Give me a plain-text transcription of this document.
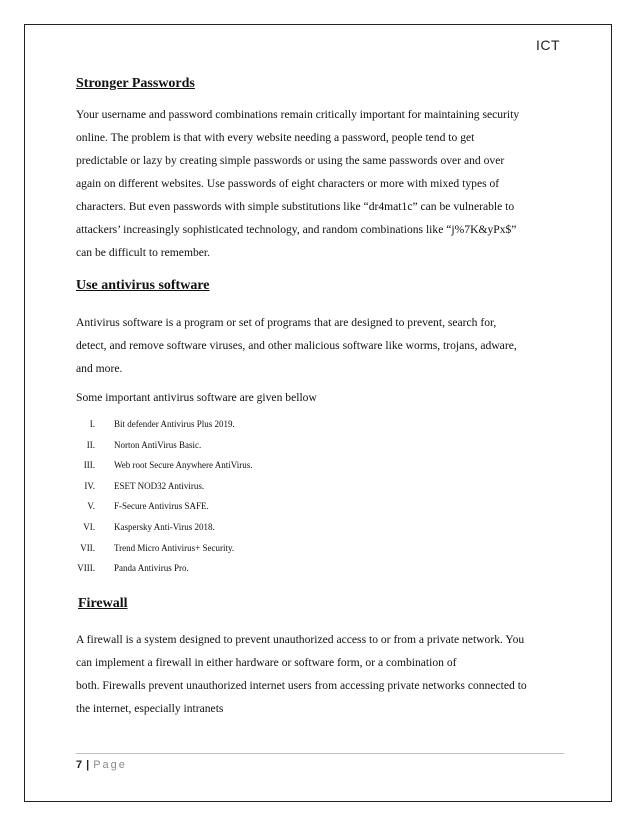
ICT
Stronger Passwords

Your username and password combinations remain critically important for maintaining security

online. The problem is that with every website needing a password, people tend to get

predictable or lazy by creating simple passwords or using the same passwords over and over

again on different websites. Use passwords of eight characters or more with mixed types of

characters. But even passwords with simple substitutions like “dr4mat1c” can be vulnerable to

attackers’ increasingly sophisticated technology, and random combinations like “j%7K&yPx$”

can be difficult to remember.

Use antivirus software

Antivirus software is a program or set of programs that are designed to prevent, search for,

detect, and remove software viruses, and other malicious software like worms, trojans, adware,

and more.

Some important antivirus software are given bellow

I. Bit defender Antivirus Plus 2019.
II. Norton AntiVirus Basic.
III. Web root Secure Anywhere AntiVirus.
IV. ESET NOD32 Antivirus.
V. F-Secure Antivirus SAFE.
VI. Kaspersky Anti-Virus 2018.
VII. Trend Micro Antivirus+ Security.
VIII. Panda Antivirus Pro.
Firewall

A firewall is a system designed to prevent unauthorized access to or from a private network. You

can implement a firewall in either hardware or software form, or a combination of

both. Firewalls prevent unauthorized internet users from accessing private networks connected to

the internet, especially intranets

7 | Page
